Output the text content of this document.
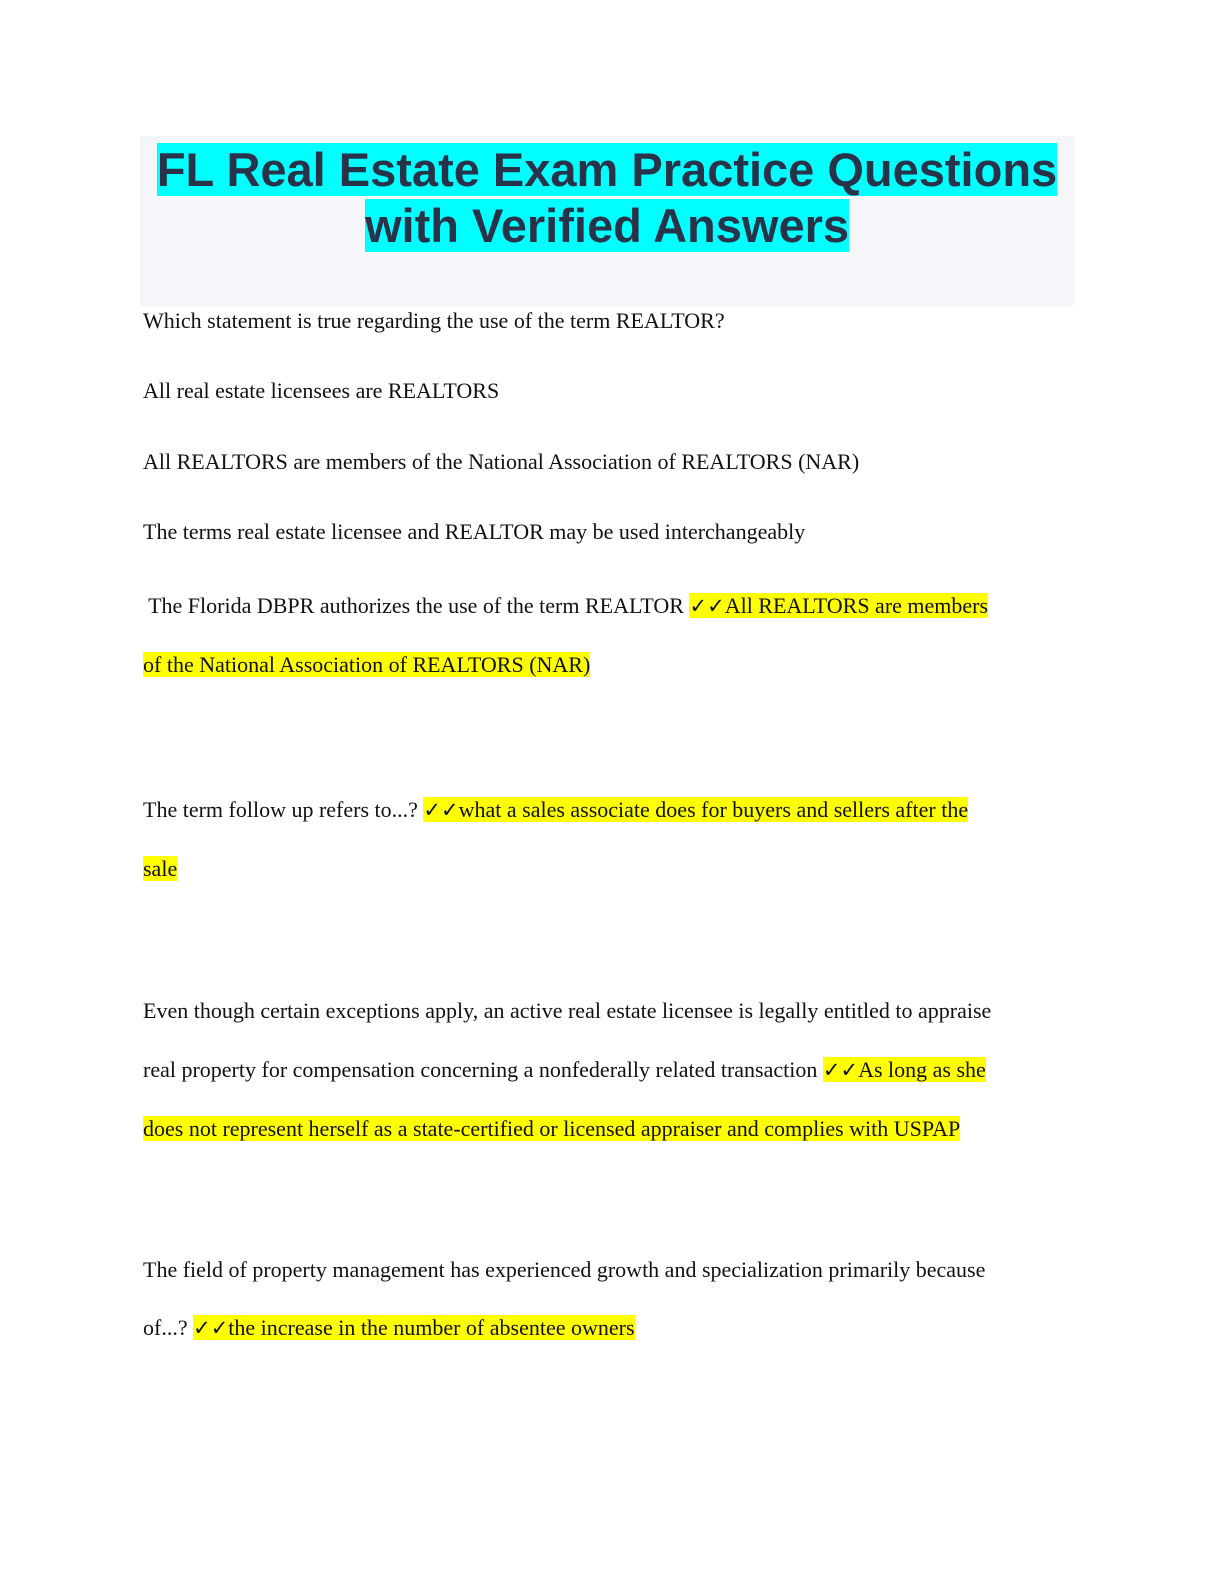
FL Real Estate Exam Practice Questions
with Verified Answers
Which statement is true regarding the use of the term REALTOR?
All real estate licensees are REALTORS
All REALTORS are members of the National Association of REALTORS (NAR)
The terms real estate licensee and REALTOR may be used interchangeably
The Florida DBPR authorizes the use of the term REALTOR ✓✓All REALTORS are members
of the National Association of REALTORS (NAR)
The term follow up refers to...? ✓✓what a sales associate does for buyers and sellers after the
sale
Even though certain exceptions apply, an active real estate licensee is legally entitled to appraise
real property for compensation concerning a nonfederally related transaction ✓✓As long as she
does not represent herself as a state-certified or licensed appraiser and complies with USPAP
The field of property management has experienced growth and specialization primarily because
of...? ✓✓the increase in the number of absentee owners
